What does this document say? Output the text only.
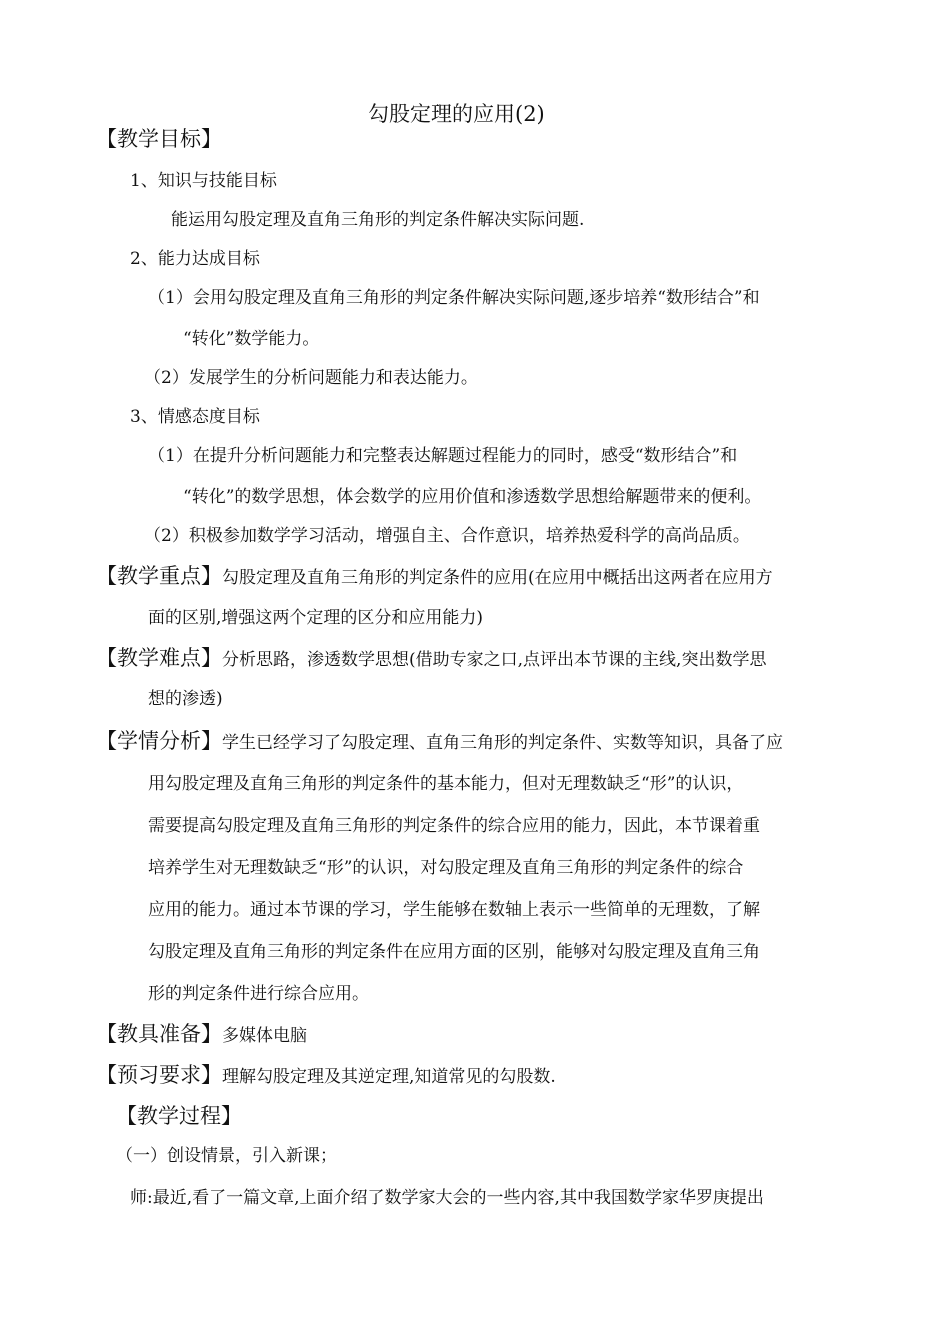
勾股定理的应用(2)
【教学目标】
1、知识与技能目标
能运用勾股定理及直角三角形的判定条件解决实际问题.
2、能力达成目标
（1）会用勾股定理及直角三角形的判定条件解决实际问题,逐步培养“数形结合”和
“转化”数学能力。
（2）发展学生的分析问题能力和表达能力。
3、情感态度目标
（1）在提升分析问题能力和完整表达解题过程能力的同时，感受“数形结合”和
“转化”的数学思想，体会数学的应用价值和渗透数学思想给解题带来的便利。
（2）积极参加数学学习活动，增强自主、合作意识，培养热爱科学的高尚品质。
【教学重点】勾股定理及直角三角形的判定条件的应用(在应用中概括出这两者在应用方
面的区别,增强这两个定理的区分和应用能力)
【教学难点】分析思路，渗透数学思想(借助专家之口,点评出本节课的主线,突出数学思
想的渗透)
【学情分析】学生已经学习了勾股定理、直角三角形的判定条件、实数等知识，具备了应
用勾股定理及直角三角形的判定条件的基本能力，但对无理数缺乏“形”的认识，
需要提高勾股定理及直角三角形的判定条件的综合应用的能力，因此，本节课着重
培养学生对无理数缺乏“形”的认识，对勾股定理及直角三角形的判定条件的综合
应用的能力。通过本节课的学习，学生能够在数轴上表示一些简单的无理数，了解
勾股定理及直角三角形的判定条件在应用方面的区别，能够对勾股定理及直角三角
形的判定条件进行综合应用。
【教具准备】多媒体电脑
【预习要求】理解勾股定理及其逆定理,知道常见的勾股数.
【教学过程】
（一）创设情景，引入新课；
师:最近,看了一篇文章,上面介绍了数学家大会的一些内容,其中我国数学家华罗庚提出
